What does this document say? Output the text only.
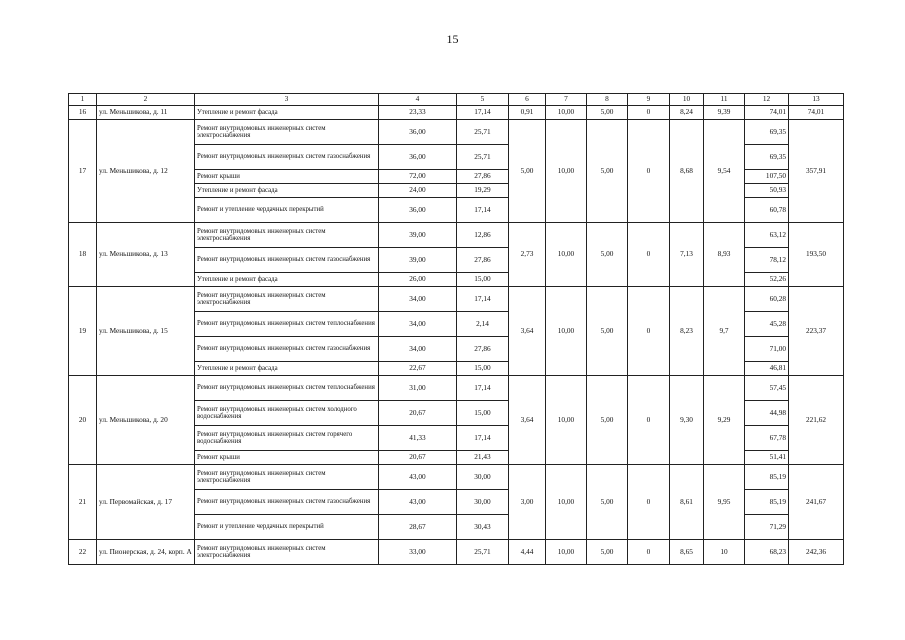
15
1	2	3	4	5	6	7	8	9	10	11	12	13
16	ул. Меньшикова, д. 11	Утепление и ремонт фасада	23,33	17,14	0,91	10,00	5,00	0	8,24	9,39	74,01	74,01
17	ул. Меньшикова, д. 12	Ремонт внутридомовых инженерных систем электроснабжения	36,00	25,71	5,00	10,00	5,00	0	8,68	9,54	69,35	357,91
		Ремонт внутридомовых инженерных систем газоснабжения	36,00	25,71							69,35	
		Ремонт крыши	72,00	27,86							107,50	
		Утепление и ремонт фасада	24,00	19,29							50,93	
		Ремонт и утепление чердачных перекрытий	36,00	17,14							60,78	
18	ул. Меньшикова, д. 13	Ремонт внутридомовых инженерных систем электроснабжения	39,00	12,86	2,73	10,00	5,00	0	7,13	8,93	63,12	193,50
		Ремонт внутридомовых инженерных систем газоснабжения	39,00	27,86							78,12	
		Утепление и ремонт фасада	26,00	15,00							52,26	
19	ул. Меньшикова, д. 15	Ремонт внутридомовых инженерных систем электроснабжения	34,00	17,14	3,64	10,00	5,00	0	8,23	9,7	60,28	223,37
		Ремонт внутридомовых инженерных систем теплоснабжения	34,00	2,14							45,28	
		Ремонт внутридомовых инженерных систем газоснабжения	34,00	27,86							71,00	
		Утепление и ремонт фасада	22,67	15,00							46,81	
20	ул. Меньшикова, д. 20	Ремонт внутридомовых инженерных систем теплоснабжения	31,00	17,14	3,64	10,00	5,00	0	9,30	9,29	57,45	221,62
		Ремонт внутридомовых инженерных систем холодного водоснабжения	20,67	15,00							44,98	
		Ремонт внутридомовых инженерных систем горячего водоснабжения	41,33	17,14							67,78	
		Ремонт крыши	20,67	21,43							51,41	
21	ул. Первомайская, д. 17	Ремонт внутридомовых инженерных систем электроснабжения	43,00	30,00	3,00	10,00	5,00	0	8,61	9,95	85,19	241,67
		Ремонт внутридомовых инженерных систем газоснабжения	43,00	30,00							85,19	
		Ремонт и утепление чердачных перекрытий	28,67	30,43							71,29	
22	ул. Пионерская, д. 24, корп. А	Ремонт внутридомовых инженерных систем электроснабжения	33,00	25,71	4,44	10,00	5,00	0	8,65	10	68,23	242,36
